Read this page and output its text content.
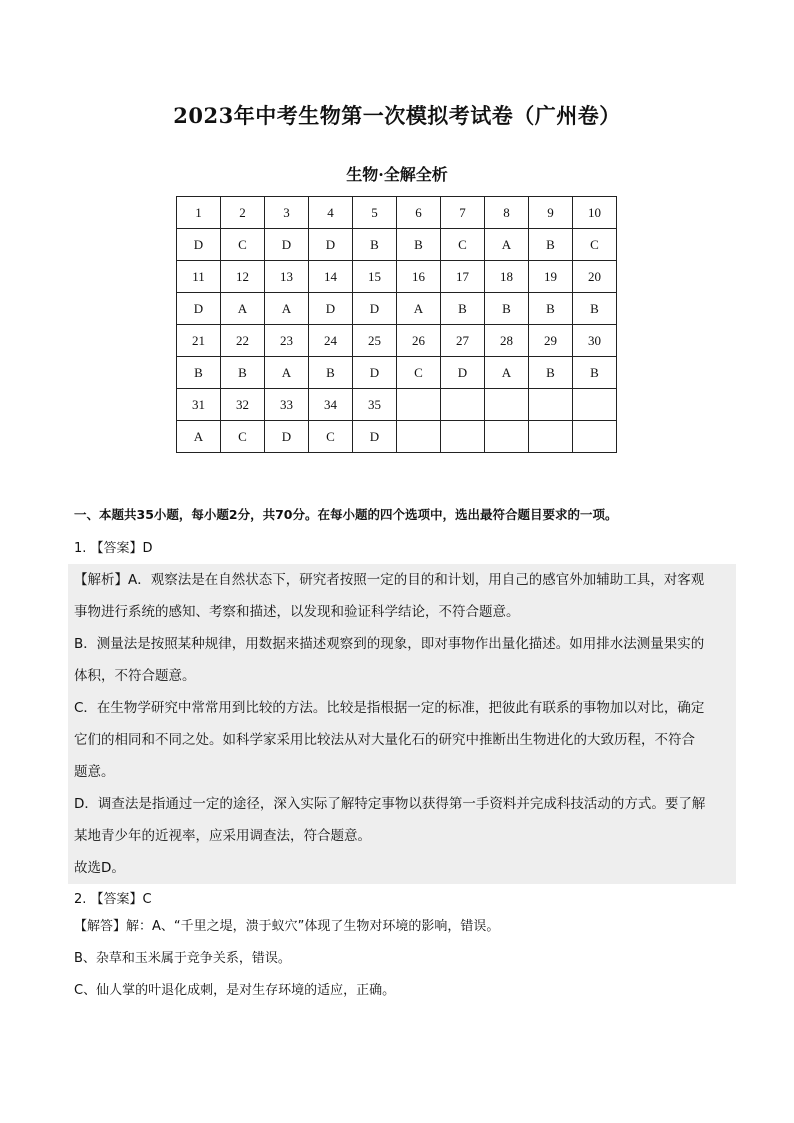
2023年中考生物第一次模拟考试卷（广州卷）
生物·全解全析
1	2	3	4	5	6	7	8	9	10
D	C	D	D	B	B	C	A	B	C
11	12	13	14	15	16	17	18	19	20
D	A	A	D	D	A	B	B	B	B
21	22	23	24	25	26	27	28	29	30
B	B	A	B	D	C	D	A	B	B
31	32	33	34	35					
A	C	D	C	D					
一、本题共35小题，每小题2分，共70分。在每小题的四个选项中，选出最符合题目要求的一项。
1. 【答案】D

【解析】A．观察法是在自然状态下，研究者按照一定的目的和计划，用自己的感官外加辅助工具，对客观

事物进行系统的感知、考察和描述，以发现和验证科学结论，不符合题意。

B．测量法是按照某种规律，用数据来描述观察到的现象，即对事物作出量化描述。如用排水法测量果实的

体积，不符合题意。

C．在生物学研究中常常用到比较的方法。比较是指根据一定的标准，把彼此有联系的事物加以对比，确定

它们的相同和不同之处。如科学家采用比较法从对大量化石的研究中推断出生物进化的大致历程，不符合

题意。

D．调查法是指通过一定的途径，深入实际了解特定事物以获得第一手资料并完成科技活动的方式。要了解

某地青少年的近视率，应采用调查法，符合题意。

故选D。

2. 【答案】C

【解答】解：A、“千里之堤，溃于蚁穴”体现了生物对环境的影响，错误。

B、杂草和玉米属于竞争关系，错误。

C、仙人掌的叶退化成刺，是对生存环境的适应，正确。
